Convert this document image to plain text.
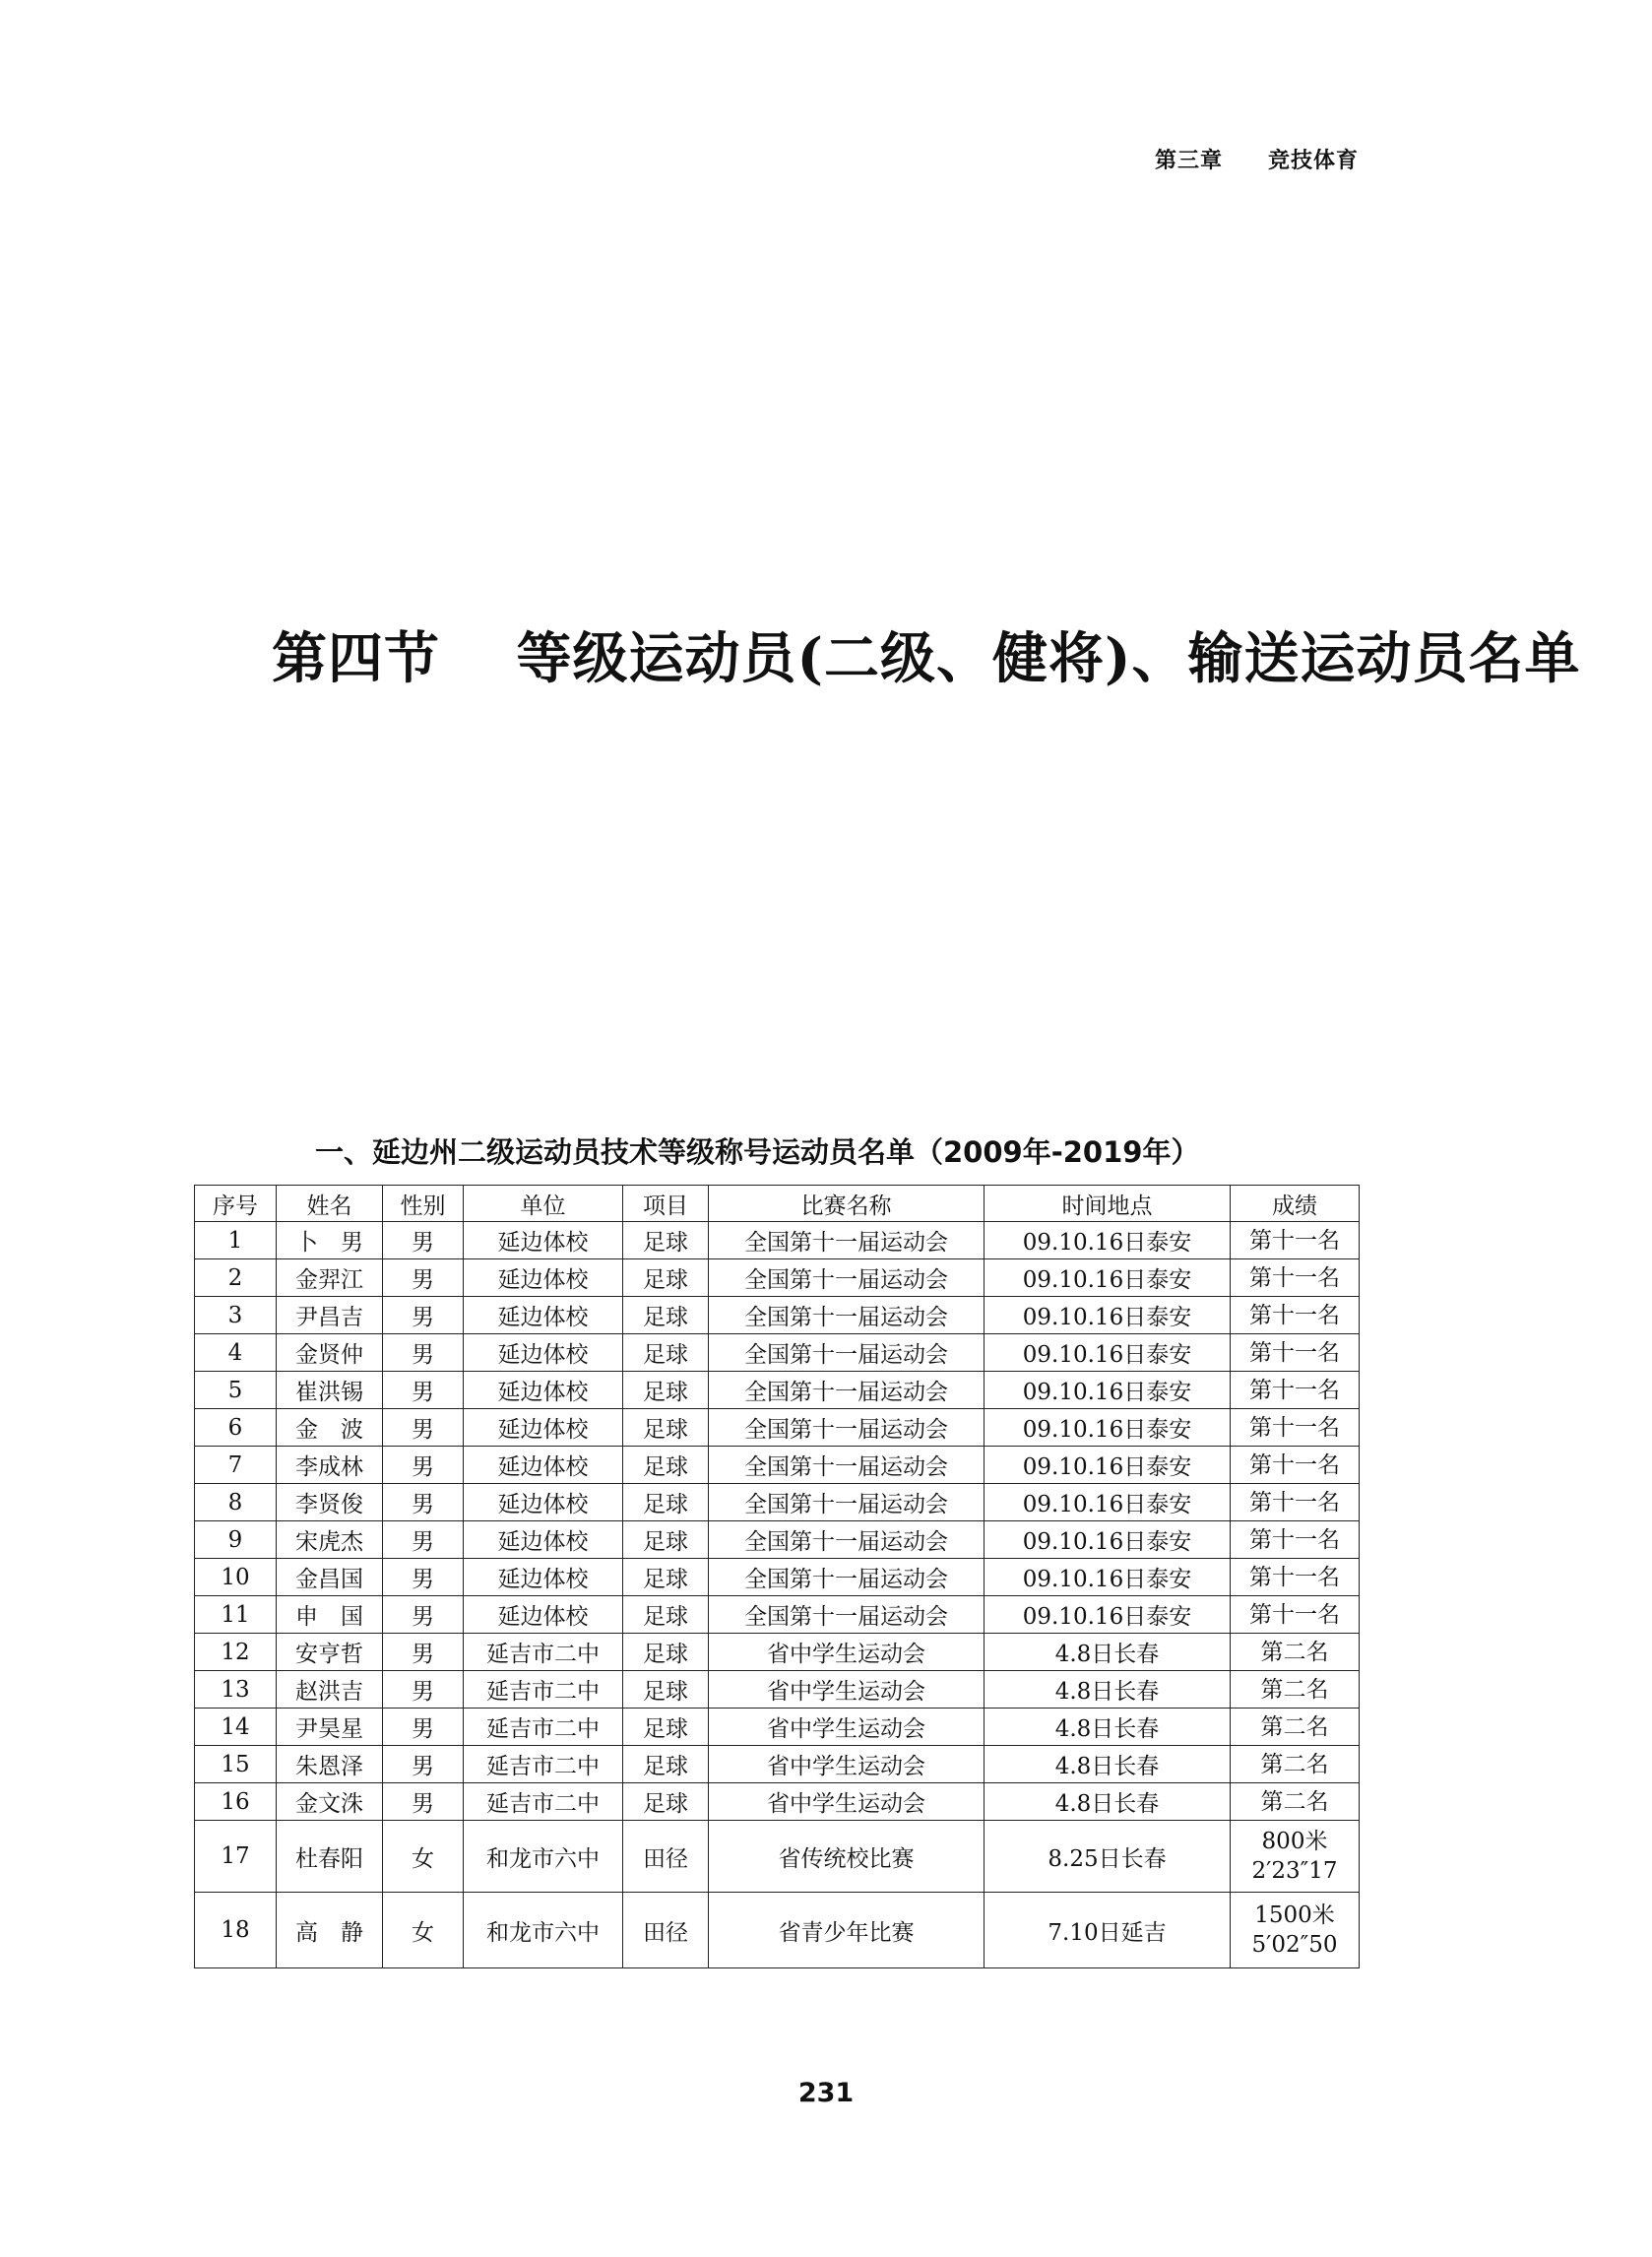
第三章　　竞技体育
第四节　 等级运动员(二级、健将)、输送运动员名单
一、延边州二级运动员技术等级称号运动员名单（2009年-2019年）
序号	姓名	性别	单位	项目	比赛名称	时间地点	成绩
1	卜　男	男	延边体校	足球	全国第十一届运动会	09.10.16日泰安	第十一名

2	金羿江	男	延边体校	足球	全国第十一届运动会	09.10.16日泰安	第十一名

3	尹昌吉	男	延边体校	足球	全国第十一届运动会	09.10.16日泰安	第十一名

4	金贤仲	男	延边体校	足球	全国第十一届运动会	09.10.16日泰安	第十一名

5	崔洪锡	男	延边体校	足球	全国第十一届运动会	09.10.16日泰安	第十一名

6	金　波	男	延边体校	足球	全国第十一届运动会	09.10.16日泰安	第十一名

7	李成林	男	延边体校	足球	全国第十一届运动会	09.10.16日泰安	第十一名

8	李贤俊	男	延边体校	足球	全国第十一届运动会	09.10.16日泰安	第十一名

9	宋虎杰	男	延边体校	足球	全国第十一届运动会	09.10.16日泰安	第十一名

10	金昌国	男	延边体校	足球	全国第十一届运动会	09.10.16日泰安	第十一名

11	申　国	男	延边体校	足球	全国第十一届运动会	09.10.16日泰安	第十一名

12	安亨哲	男	延吉市二中	足球	省中学生运动会	4.8日长春	第二名

13	赵洪吉	男	延吉市二中	足球	省中学生运动会	4.8日长春	第二名

14	尹昊星	男	延吉市二中	足球	省中学生运动会	4.8日长春	第二名

15	朱恩泽	男	延吉市二中	足球	省中学生运动会	4.8日长春	第二名

16	金文洙	男	延吉市二中	足球	省中学生运动会	4.8日长春	第二名

17	杜春阳	女	和龙市六中	田径	省传统校比赛	8.25日长春	800米
2′23″17

18	高　静	女	和龙市六中	田径	省青少年比赛	7.10日延吉	1500米
5′02″50
231
